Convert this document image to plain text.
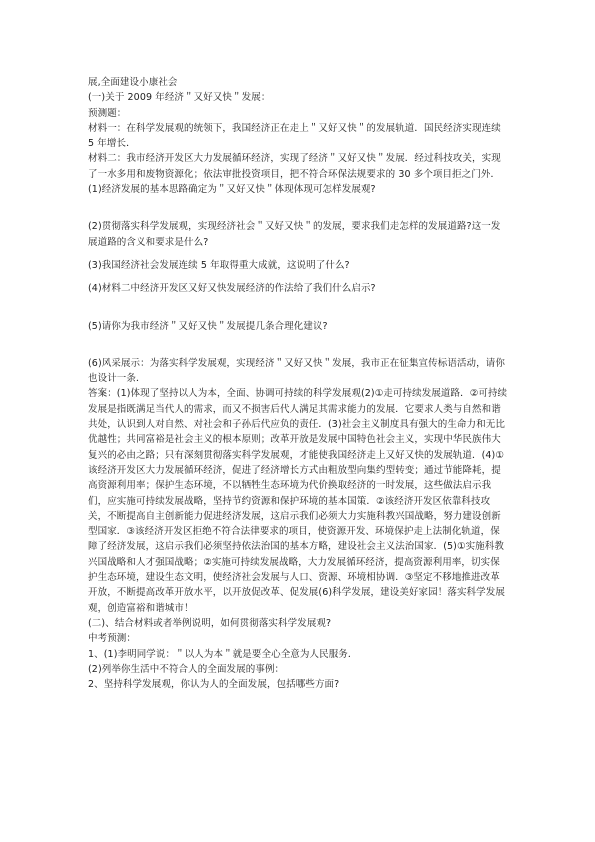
展,全面建设小康社会
(一)关于 2009 年经济＂又好又快＂发展：
预测题：
材料一：在科学发展观的统领下，我国经济正在走上＂又好又快＂的发展轨道．国民经济实现连续 5 年增长．
材料二：我市经济开发区大力发展循环经济，实现了经济＂又好又快＂发展．经过科技攻关，实现了一水多用和废物资源化；依法审批投资项目，把不符合环保法规要求的 30 多个项目拒之门外．
(1)经济发展的基本思路确定为＂又好又快＂体现体现可怎样发展观?
(2)贯彻落实科学发展观，实现经济社会＂又好又快＂的发展，要求我们走怎样的发展道路?这一发展道路的含义和要求是什么?
(3)我国经济社会发展连续 5 年取得重大成就，这说明了什么?
(4)材料二中经济开发区又好又快发展经济的作法给了我们什么启示?
(5)请你为我市经济＂又好又快＂发展提几条合理化建议?
(6)风采展示：为落实科学发展观，实现经济＂又好又快＂发展，我市正在征集宣传标语活动，请你也设计一条．
答案：(1)体现了坚持以人为本，全面、协调可持续的科学发展观(2)①走可持续发展道路．②可持续发展是指既满足当代人的需求，而又不损害后代人满足其需求能力的发展．它要求人类与自然和谐共处，认识到人对自然、对社会和子孙后代应负的责任．(3)社会主义制度具有强大的生命力和无比优越性；共同富裕是社会主义的根本原则；改革开放是发展中国特色社会主义，实现中华民族伟大复兴的必由之路；只有深刻贯彻落实科学发展观，才能使我国经济走上又好又快的发展轨道．(4)①该经济开发区大力发展循环经济，促进了经济增长方式由粗放型向集约型转变；通过节能降耗，提高资源利用率；保护生态环境，不以牺牲生态环境为代价换取经济的一时发展，这些做法启示我们，应实施可持续发展战略，坚持节约资源和保护环境的基本国策．②该经济开发区依靠科技攻关，不断提高自主创新能力促进经济发展，这启示我们必须大力实施科教兴国战略，努力建设创新型国家．③该经济开发区拒绝不符合法律要求的项目，使资源开发、环境保护走上法制化轨道，保障了经济发展，这启示我们必须坚持依法治国的基本方略，建设社会主义法治国家．(5)①实施科教兴国战略和人才强国战略；②实施可持续发展战略，大力发展循环经济，提高资源利用率，切实保护生态环境，建设生态文明，使经济社会发展与人口、资源、环境相协调．③坚定不移地推进改革开放，不断提高改革开放水平，以开放促改革、促发展(6)科学发展，建设美好家园！落实科学发展观，创造富裕和谐城市！
(二)、结合材料或者举例说明，如何贯彻落实科学发展观?
中考预测：
1、(1)李明同学说：＂以人为本＂就是要全心全意为人民服务．
(2)列举你生活中不符合人的全面发展的事例：
2、坚持科学发展观，你认为人的全面发展，包括哪些方面?
